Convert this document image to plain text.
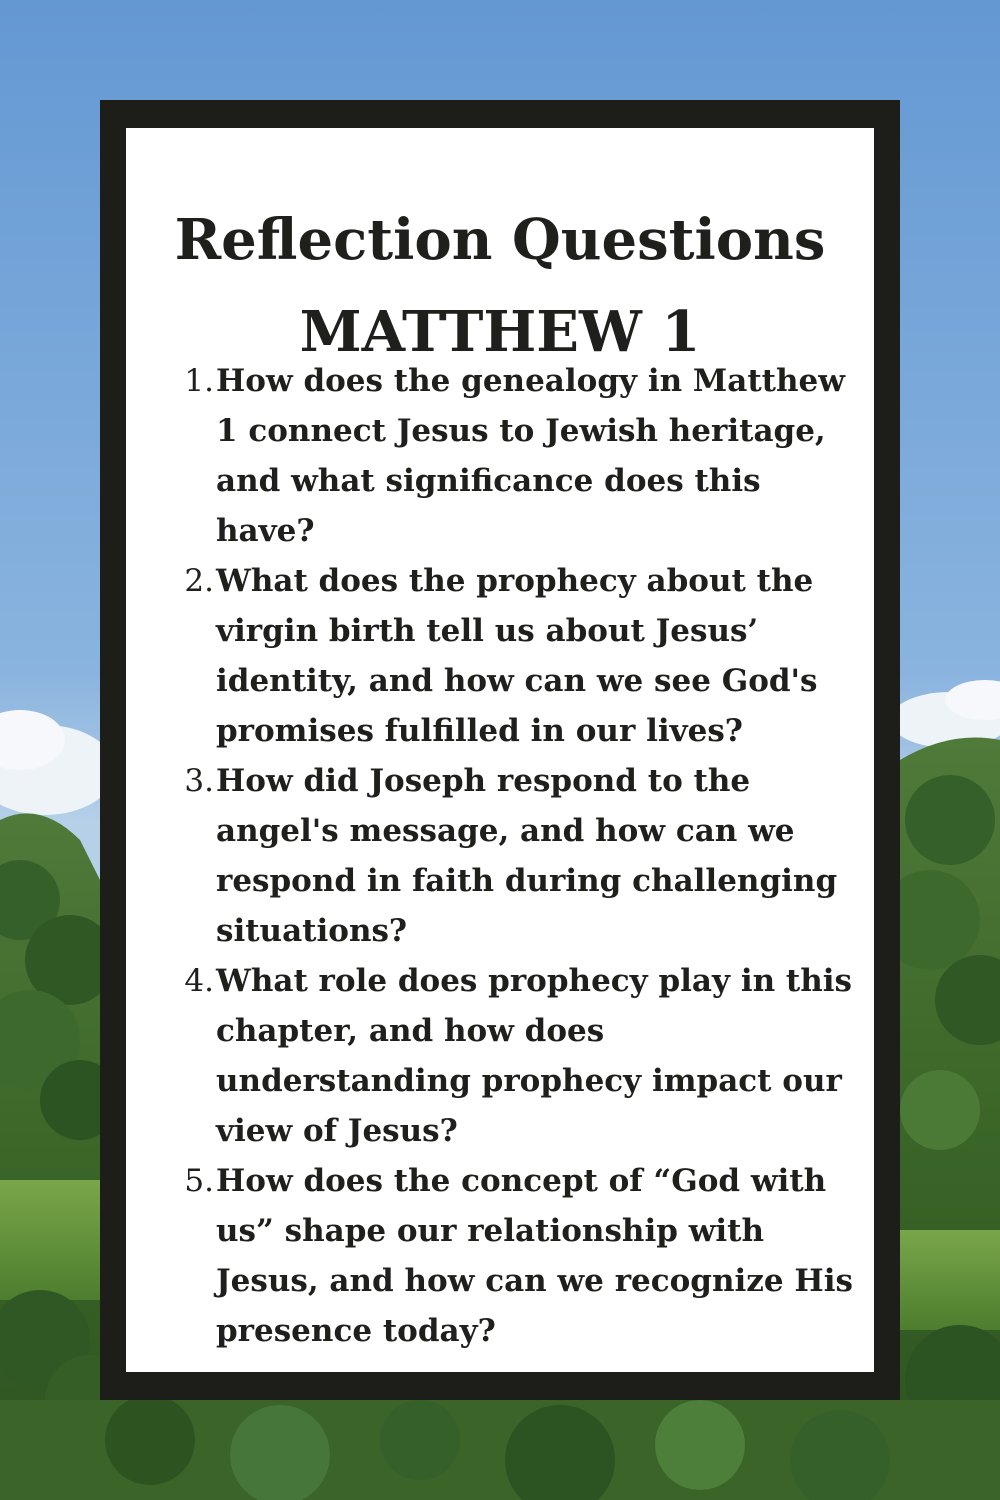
Reflection Questions
MATTHEW 1
1. How does the genealogy in Matthew 1 connect Jesus to Jewish heritage, and what significance does this have?
2. What does the prophecy about the virgin birth tell us about Jesus’ identity, and how can we see God's promises fulfilled in our lives?
3. How did Joseph respond to the angel's message, and how can we respond in faith during challenging situations?
4. What role does prophecy play in this chapter, and how does understanding prophecy impact our view of Jesus?
5. How does the concept of “God with us” shape our relationship with Jesus, and how can we recognize His presence today?
